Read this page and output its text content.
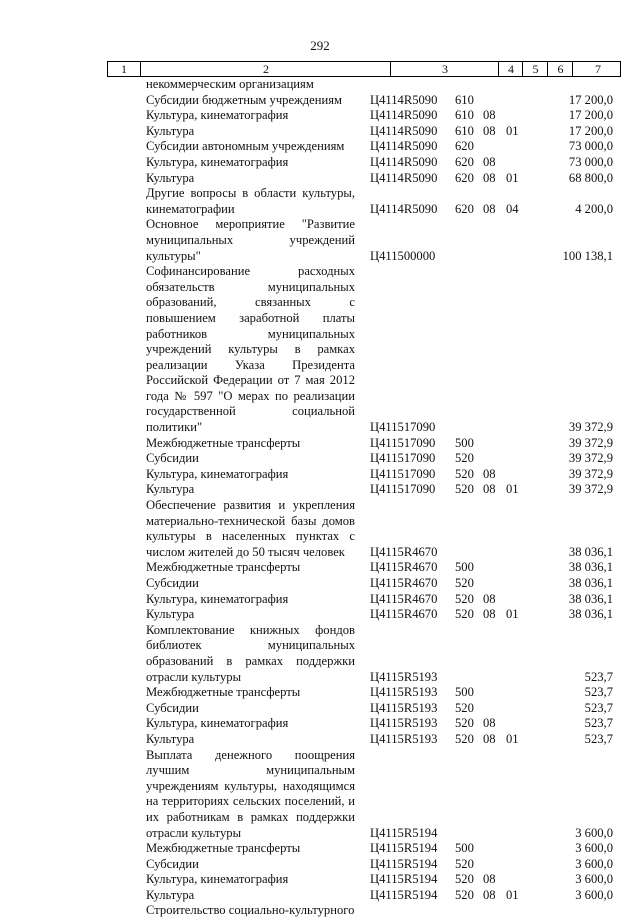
292
1	2	3	4	5	6	7
некоммерческим организациям
Субсидии бюджетным учреждениям	Ц4114R5090 610	17 200,0
Культура, кинематография	Ц4114R5090 610 08	17 200,0
Культура	Ц4114R5090 610 08 01	17 200,0
Субсидии автономным учреждениям	Ц4114R5090 620	73 000,0
Культура, кинематография	Ц4114R5090 620 08	73 000,0
Культура	Ц4114R5090 620 08 01	68 800,0
Другие вопросы в области культуры, кинематографии	Ц4114R5090 620 08 04	4 200,0
Основное мероприятие "Развитие муниципальных учреждений культуры"	Ц411500000	100 138,1
Софинансирование расходных обязательств муниципальных образований, связанных с повышением заработной платы работников муниципальных учреждений культуры в рамках реализации Указа Президента Российской Федерации от 7 мая 2012 года № 597 "О мерах по реализации государственной социальной политики"	Ц411517090	39 372,9
Межбюджетные трансферты	Ц411517090 500	39 372,9
Субсидии	Ц411517090 520	39 372,9
Культура, кинематография	Ц411517090 520 08	39 372,9
Культура	Ц411517090 520 08 01	39 372,9
Обеспечение развития и укрепления материально-технической базы домов культуры в населенных пунктах с числом жителей до 50 тысяч человек	Ц4115R4670	38 036,1
Межбюджетные трансферты	Ц4115R4670 500	38 036,1
Субсидии	Ц4115R4670 520	38 036,1
Культура, кинематография	Ц4115R4670 520 08	38 036,1
Культура	Ц4115R4670 520 08 01	38 036,1
Комплектование книжных фондов библиотек муниципальных образований в рамках поддержки отрасли культуры	Ц4115R5193	523,7
Межбюджетные трансферты	Ц4115R5193 500	523,7
Субсидии	Ц4115R5193 520	523,7
Культура, кинематография	Ц4115R5193 520 08	523,7
Культура	Ц4115R5193 520 08 01	523,7
Выплата денежного поощрения лучшим муниципальным учреждениям культуры, находящимся на территориях сельских поселений, и их работникам в рамках поддержки отрасли культуры	Ц4115R5194	3 600,0
Межбюджетные трансферты	Ц4115R5194 500	3 600,0
Субсидии	Ц4115R5194 520	3 600,0
Культура, кинематография	Ц4115R5194 520 08	3 600,0
Культура	Ц4115R5194 520 08 01	3 600,0
Строительство социально-культурного
